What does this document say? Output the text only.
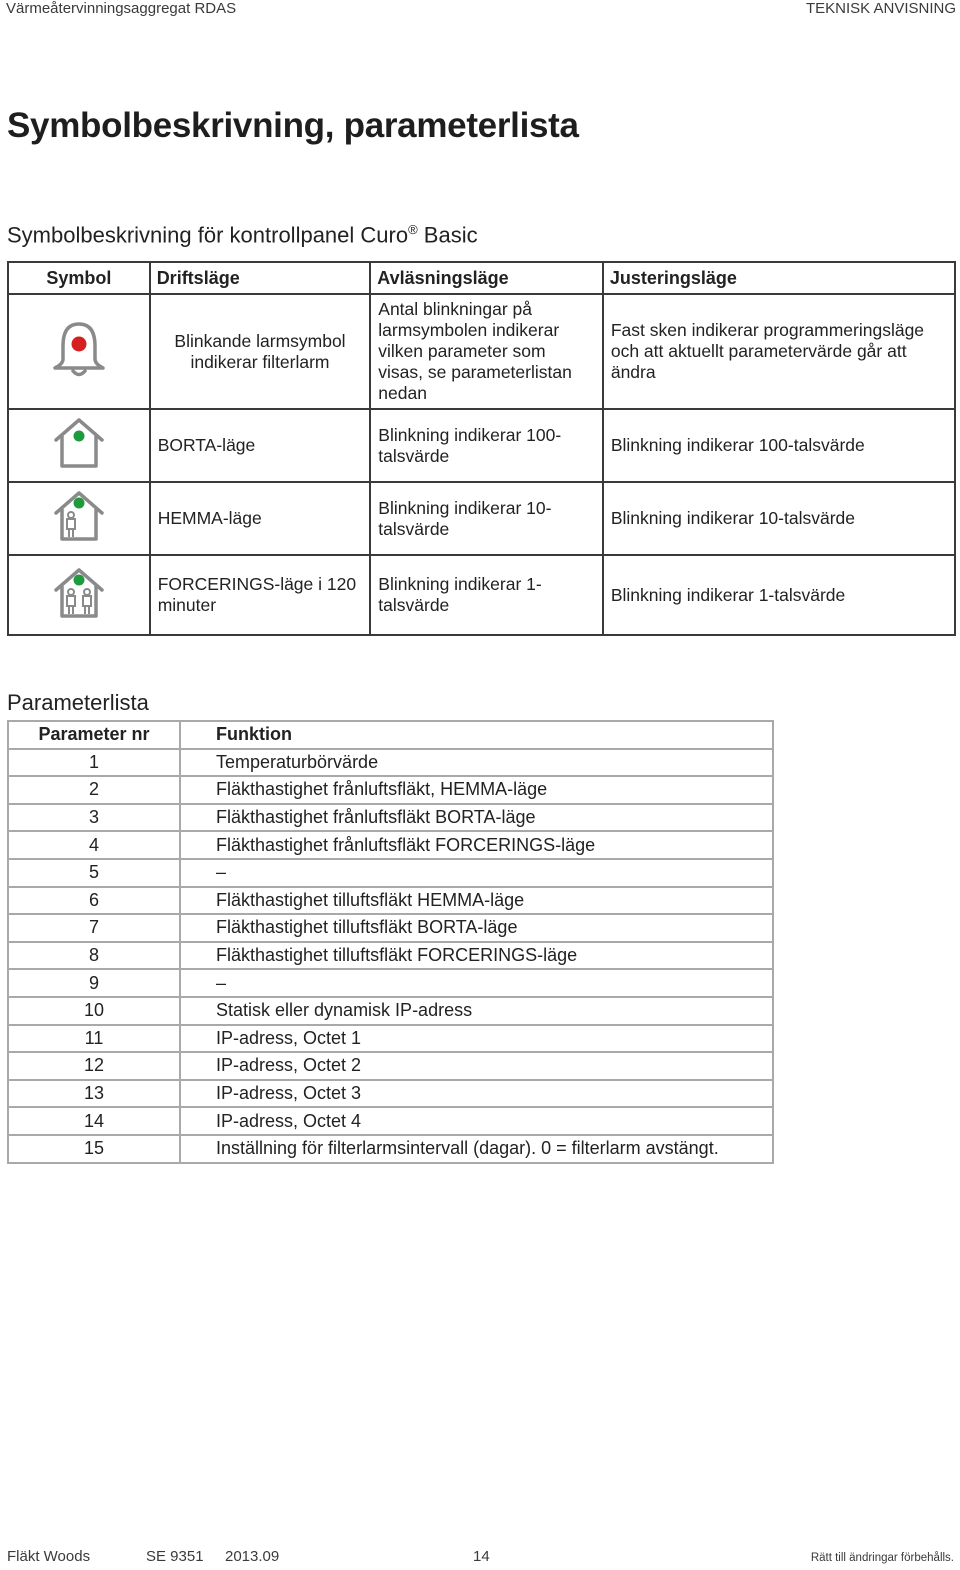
Värmeåtervinningsaggregat RDAS	TEKNISK ANVISNING
Symbolbeskrivning, parameterlista
Symbolbeskrivning för kontrollpanel Curo® Basic
Symbol	Driftsläge	Avläsningsläge	Justeringsläge
	Blinkande larmsymbol indikerar filterlarm	Antal blinkningar på larmsymbolen indikerar vilken parameter som visas, se parameterlistan nedan	Fast sken indikerar programmeringsläge och att aktuellt parametervärde går att ändra
	BORTA-läge	Blinkning indikerar 100-talsvärde	Blinkning indikerar 100-talsvärde
	HEMMA-läge	Blinkning indikerar 10-talsvärde	Blinkning indikerar 10-talsvärde
	FORCERINGS-läge i 120 minuter	Blinkning indikerar 1-talsvärde	Blinkning indikerar 1-talsvärde
Parameterlista
Parameter nr	Funktion
1	Temperaturbörvärde
2	Fläkthastighet frånluftsfläkt, HEMMA-läge
3	Fläkthastighet frånluftsfläkt BORTA-läge
4	Fläkthastighet frånluftsfläkt FORCERINGS-läge
5	–
6	Fläkthastighet tilluftsfläkt HEMMA-läge
7	Fläkthastighet tilluftsfläkt BORTA-läge
8	Fläkthastighet tilluftsfläkt FORCERINGS-läge
9	–
10	Statisk eller dynamisk IP-adress
11	IP-adress, Octet 1
12	IP-adress, Octet 2
13	IP-adress, Octet 3
14	IP-adress, Octet 4
15	Inställning för filterlarmsintervall (dagar). 0 = filterlarm avstängt.
Fläkt Woods	SE 9351 2013.09	14	Rätt till ändringar förbehålls.
